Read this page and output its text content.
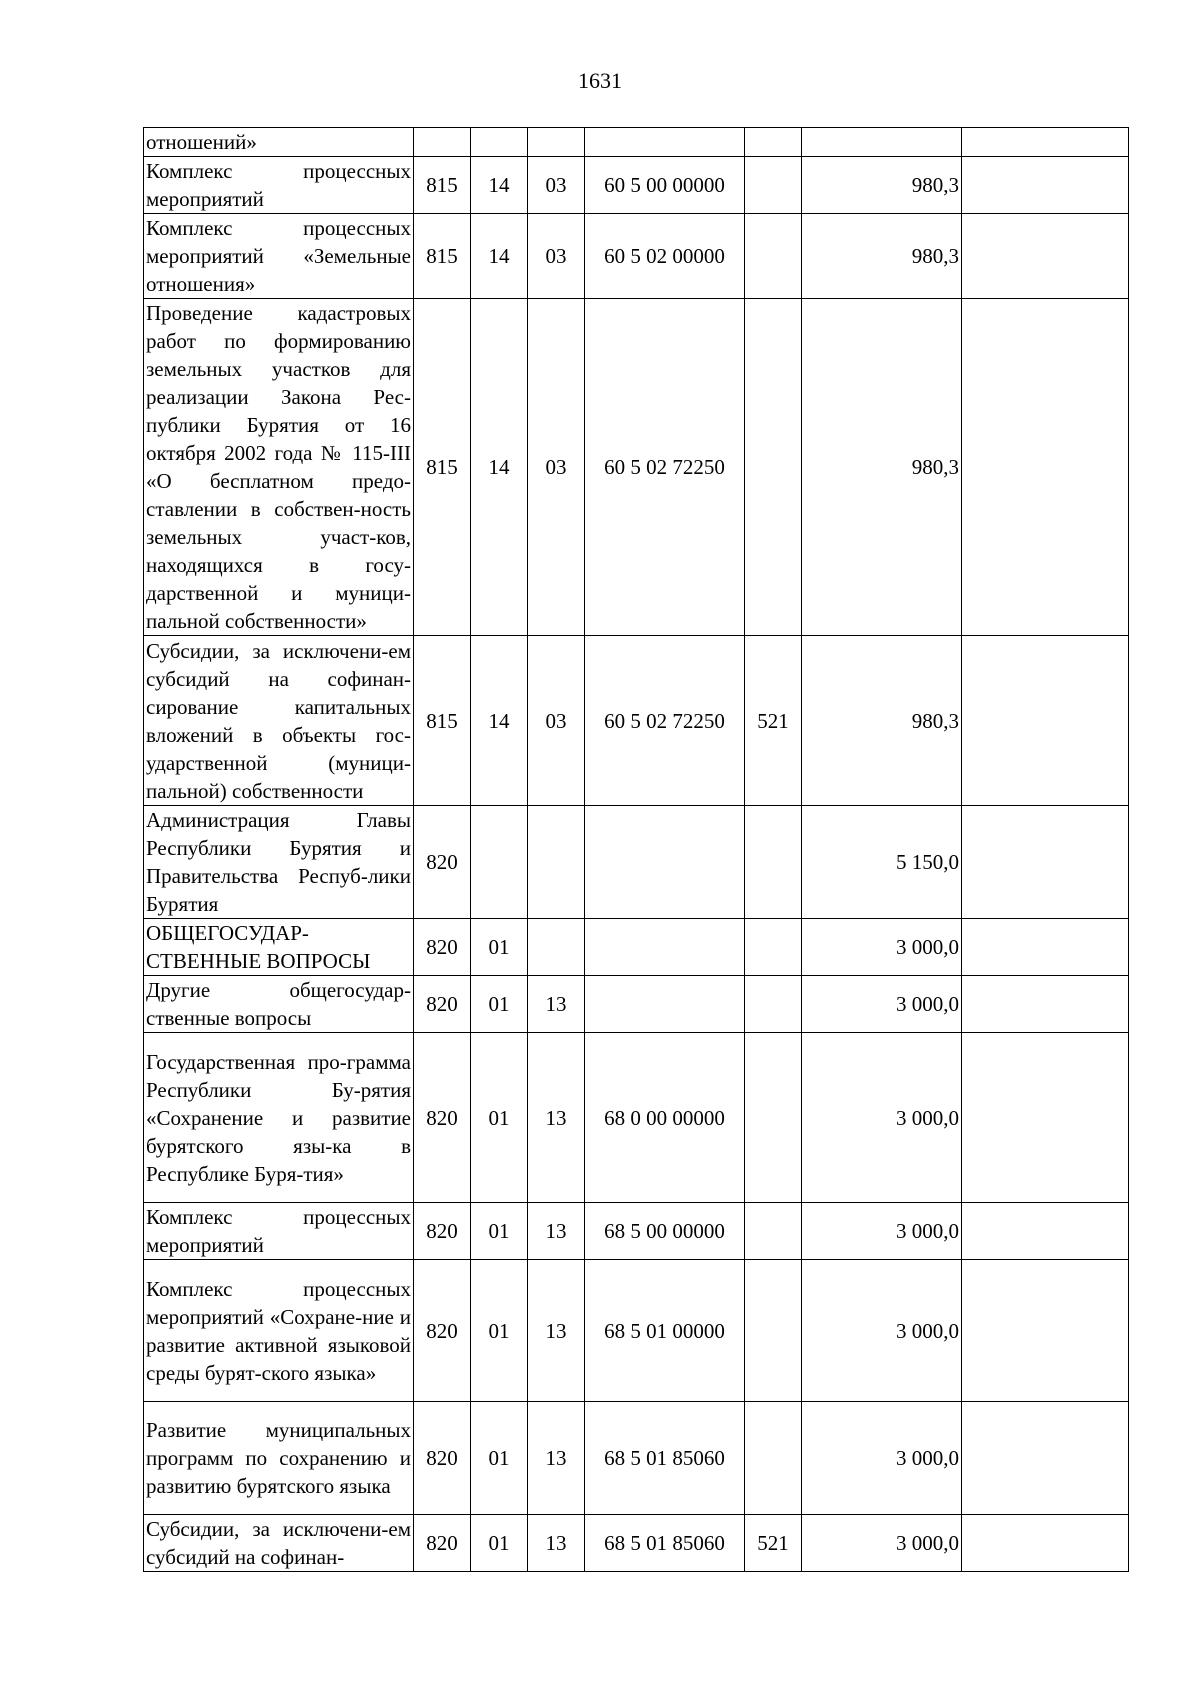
1631
отношений»							
Комплекс процессных мероприятий	815	14	03	60 5 00 00000		980,3	
Комплекс процессных мероприятий «Земельные отношения»	815	14	03	60 5 02 00000		980,3	
Проведение кадастровых работ по формированию земельных участков для реализации Закона Рес-публики Бурятия от 16 октября 2002 года № 115-III «О бесплатном предо-ставлении в собствен-ность земельных участ-ков, находящихся в госу-дарственной и муници-пальной собственности»	815	14	03	60 5 02 72250		980,3	
Субсидии, за исключени-ем субсидий на софинан-сирование капитальных вложений в объекты гос-ударственной (муници-пальной) собственности	815	14	03	60 5 02 72250	521	980,3	
Администрация Главы Республики Бурятия и Правительства Респуб-лики Бурятия	820					5 150,0	
ОБЩЕГОСУДАР-СТВЕННЫЕ ВОПРОСЫ	820	01				3 000,0	
Другие общегосудар-ственные вопросы	820	01	13			3 000,0	
Государственная про-грамма Республики Бу-рятия «Сохранение и развитие бурятского язы-ка в Республике Буря-тия»	820	01	13	68 0 00 00000		3 000,0	
Комплекс процессных мероприятий	820	01	13	68 5 00 00000		3 000,0	
Комплекс процессных мероприятий «Сохране-ние и развитие активной языковой среды бурят-ского языка»	820	01	13	68 5 01 00000		3 000,0	
Развитие муниципальных программ по сохранению и развитию бурятского языка	820	01	13	68 5 01 85060		3 000,0	
Субсидии, за исключени-ем субсидий на софинан-	820	01	13	68 5 01 85060	521	3 000,0	
